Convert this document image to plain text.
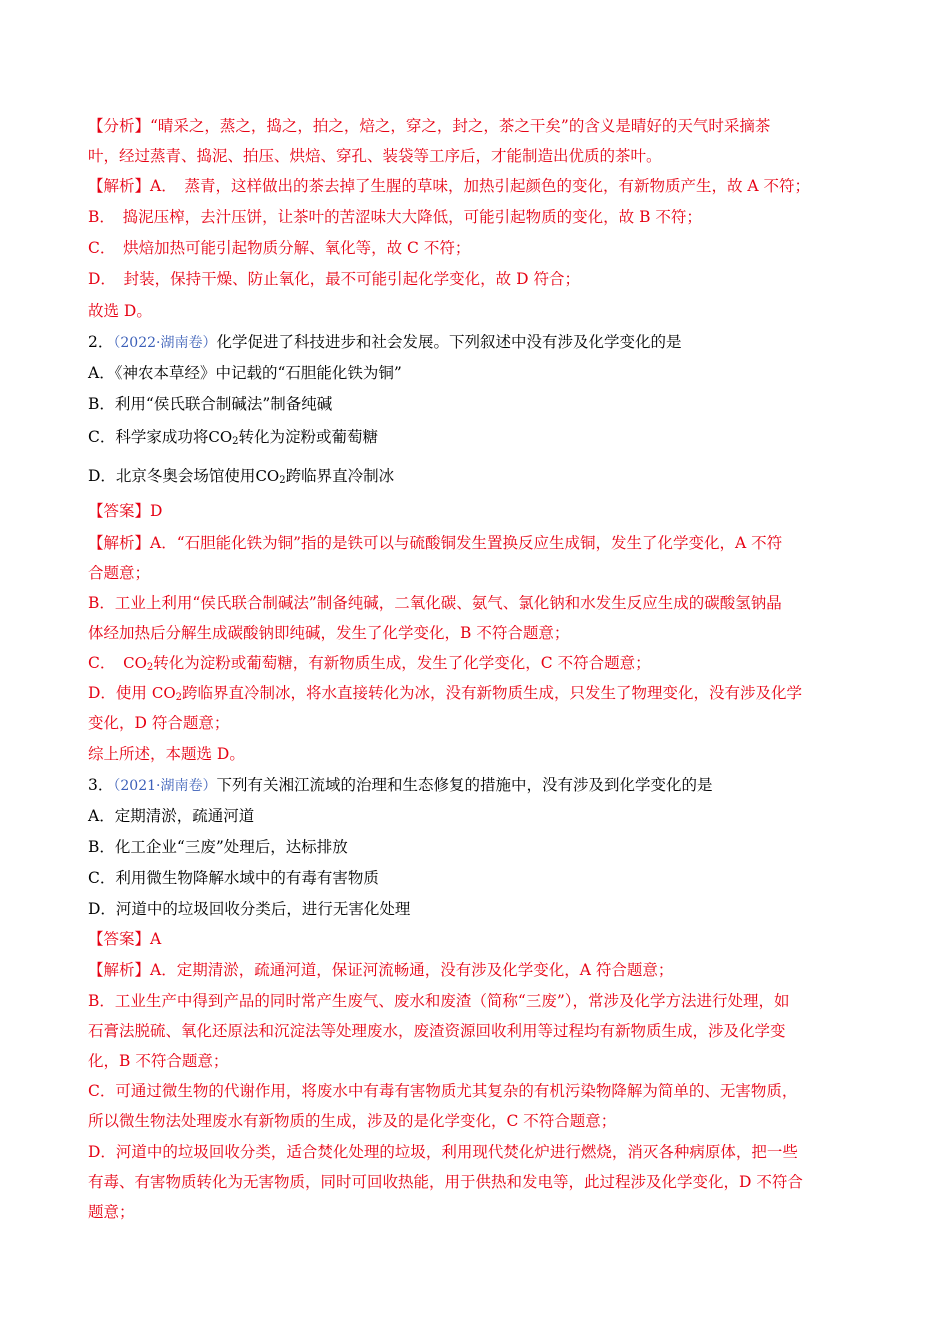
【分析】“晴采之，蒸之，捣之，拍之，焙之，穿之，封之，茶之干矣”的含义是晴好的天气时采摘茶
叶，经过蒸青、捣泥、拍压、烘焙、穿孔、装袋等工序后，才能制造出优质的茶叶。
【解析】A．　蒸青，这样做出的茶去掉了生腥的草味，加热引起颜色的变化，有新物质产生，故 A 不符；
B．　捣泥压榨，去汁压饼，让茶叶的苦涩味大大降低，可能引起物质的变化，故 B 不符；
C．　烘焙加热可能引起物质分解、氧化等，故 C 不符；
D．　封装，保持干燥、防止氧化，最不可能引起化学变化，故 D 符合；
故选 D。
2．（2022·湖南卷）化学促进了科技进步和社会发展。下列叙述中没有涉及化学变化的是
A．《神农本草经》中记载的“石胆能化铁为铜”
B．利用“侯氏联合制碱法”制备纯碱
C．科学家成功将$CO_2$转化为淀粉或葡萄糖
D．北京冬奥会场馆使用$CO_2$跨临界直冷制冰
【答案】D
【解析】A．“石胆能化铁为铜”指的是铁可以与硫酸铜发生置换反应生成铜，发生了化学变化，A 不符
合题意；
B．工业上利用“侯氏联合制碱法”制备纯碱，二氧化碳、氨气、氯化钠和水发生反应生成的碳酸氢钠晶
体经加热后分解生成碳酸钠即纯碱，发生了化学变化，B 不符合题意；
C．　$CO_2$转化为淀粉或葡萄糖，有新物质生成，发生了化学变化，C 不符合题意；
D．使用 $CO_2$跨临界直冷制冰，将水直接转化为冰，没有新物质生成，只发生了物理变化，没有涉及化学
变化，D 符合题意；
综上所述，本题选 D。
3．（2021·湖南卷）下列有关湘江流域的治理和生态修复的措施中，没有涉及到化学变化的是
A．定期清淤，疏通河道
B．化工企业“三废”处理后，达标排放
C．利用微生物降解水域中的有毒有害物质
D．河道中的垃圾回收分类后，进行无害化处理
【答案】A
【解析】A．定期清淤，疏通河道，保证河流畅通，没有涉及化学变化，A 符合题意；
B．工业生产中得到产品的同时常产生废气、废水和废渣（简称“三废”），常涉及化学方法进行处理，如
石膏法脱硫、氧化还原法和沉淀法等处理废水，废渣资源回收利用等过程均有新物质生成，涉及化学变
化，B 不符合题意；
C．可通过微生物的代谢作用，将废水中有毒有害物质尤其复杂的有机污染物降解为简单的、无害物质，
所以微生物法处理废水有新物质的生成，涉及的是化学变化，C 不符合题意；
D．河道中的垃圾回收分类，适合焚化处理的垃圾，利用现代焚化炉进行燃烧，消灭各种病原体，把一些
有毒、有害物质转化为无害物质，同时可回收热能，用于供热和发电等，此过程涉及化学变化，D 不符合
题意；
